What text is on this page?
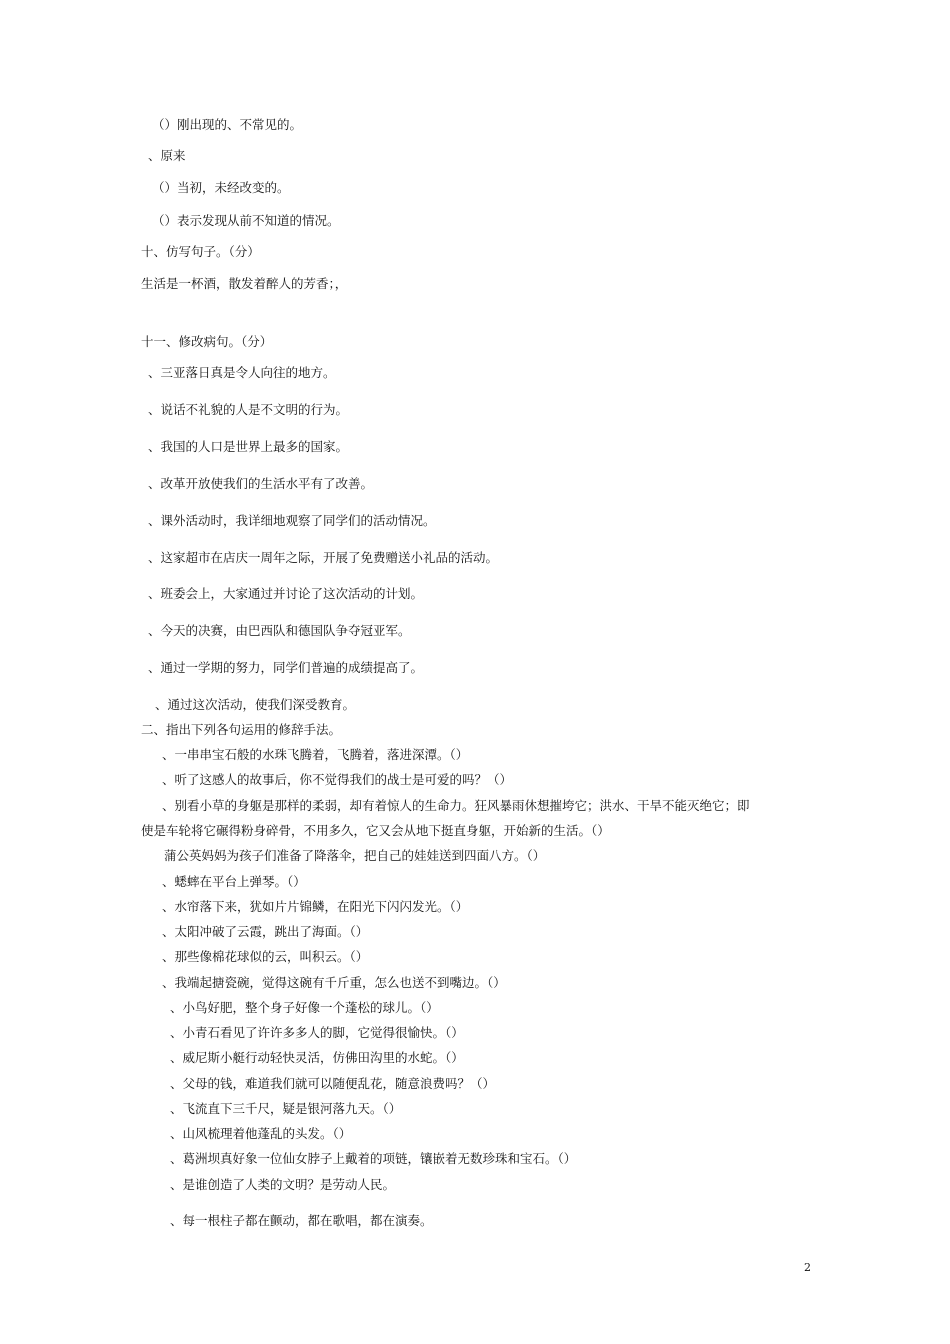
（）刚出现的、不常见的。
、原来
（）当初，未经改变的。
（）表示发现从前不知道的情况。
十、仿写句子。（分）
生活是一杯酒，散发着醉人的芳香；，
十一、修改病句。（分）
、三亚落日真是令人向往的地方。
、说话不礼貌的人是不文明的行为。
、我国的人口是世界上最多的国家。
、改革开放使我们的生活水平有了改善。
、课外活动时，我详细地观察了同学们的活动情况。
、这家超市在店庆一周年之际，开展了免费赠送小礼品的活动。
、班委会上，大家通过并讨论了这次活动的计划。
、今天的决赛，由巴西队和德国队争夺冠亚军。
、通过一学期的努力，同学们普遍的成绩提高了。
、通过这次活动，使我们深受教育。
二、指出下列各句运用的修辞手法。
、一串串宝石般的水珠飞腾着，飞腾着，落进深潭。（）
、听了这感人的故事后，你不觉得我们的战士是可爱的吗？（）
、别看小草的身躯是那样的柔弱，却有着惊人的生命力。狂风暴雨休想摧垮它；洪水、干旱不能灭绝它；即
使是车轮将它碾得粉身碎骨，不用多久，它又会从地下挺直身躯，开始新的生活。（）
蒲公英妈妈为孩子们准备了降落伞，把自己的娃娃送到四面八方。（）
、蟋蟀在平台上弹琴。（）
、水帘落下来，犹如片片锦鳞，在阳光下闪闪发光。（）
、太阳冲破了云霞，跳出了海面。（）
、那些像棉花球似的云，叫积云。（）
、我端起搪瓷碗，觉得这碗有千斤重，怎么也送不到嘴边。（）
、小鸟好肥，整个身子好像一个蓬松的球儿。（）
、小青石看见了许许多多人的脚，它觉得很愉快。（）
、威尼斯小艇行动轻快灵活，仿佛田沟里的水蛇。（）
、父母的钱，难道我们就可以随便乱花，随意浪费吗？（）
、飞流直下三千尺，疑是银河落九天。（）
、山风梳理着他蓬乱的头发。（）
、葛洲坝真好象一位仙女脖子上戴着的项链，镶嵌着无数珍珠和宝石。（）
、是谁创造了人类的文明？是劳动人民。
、每一根柱子都在颤动，都在歌唱，都在演奏。
2
